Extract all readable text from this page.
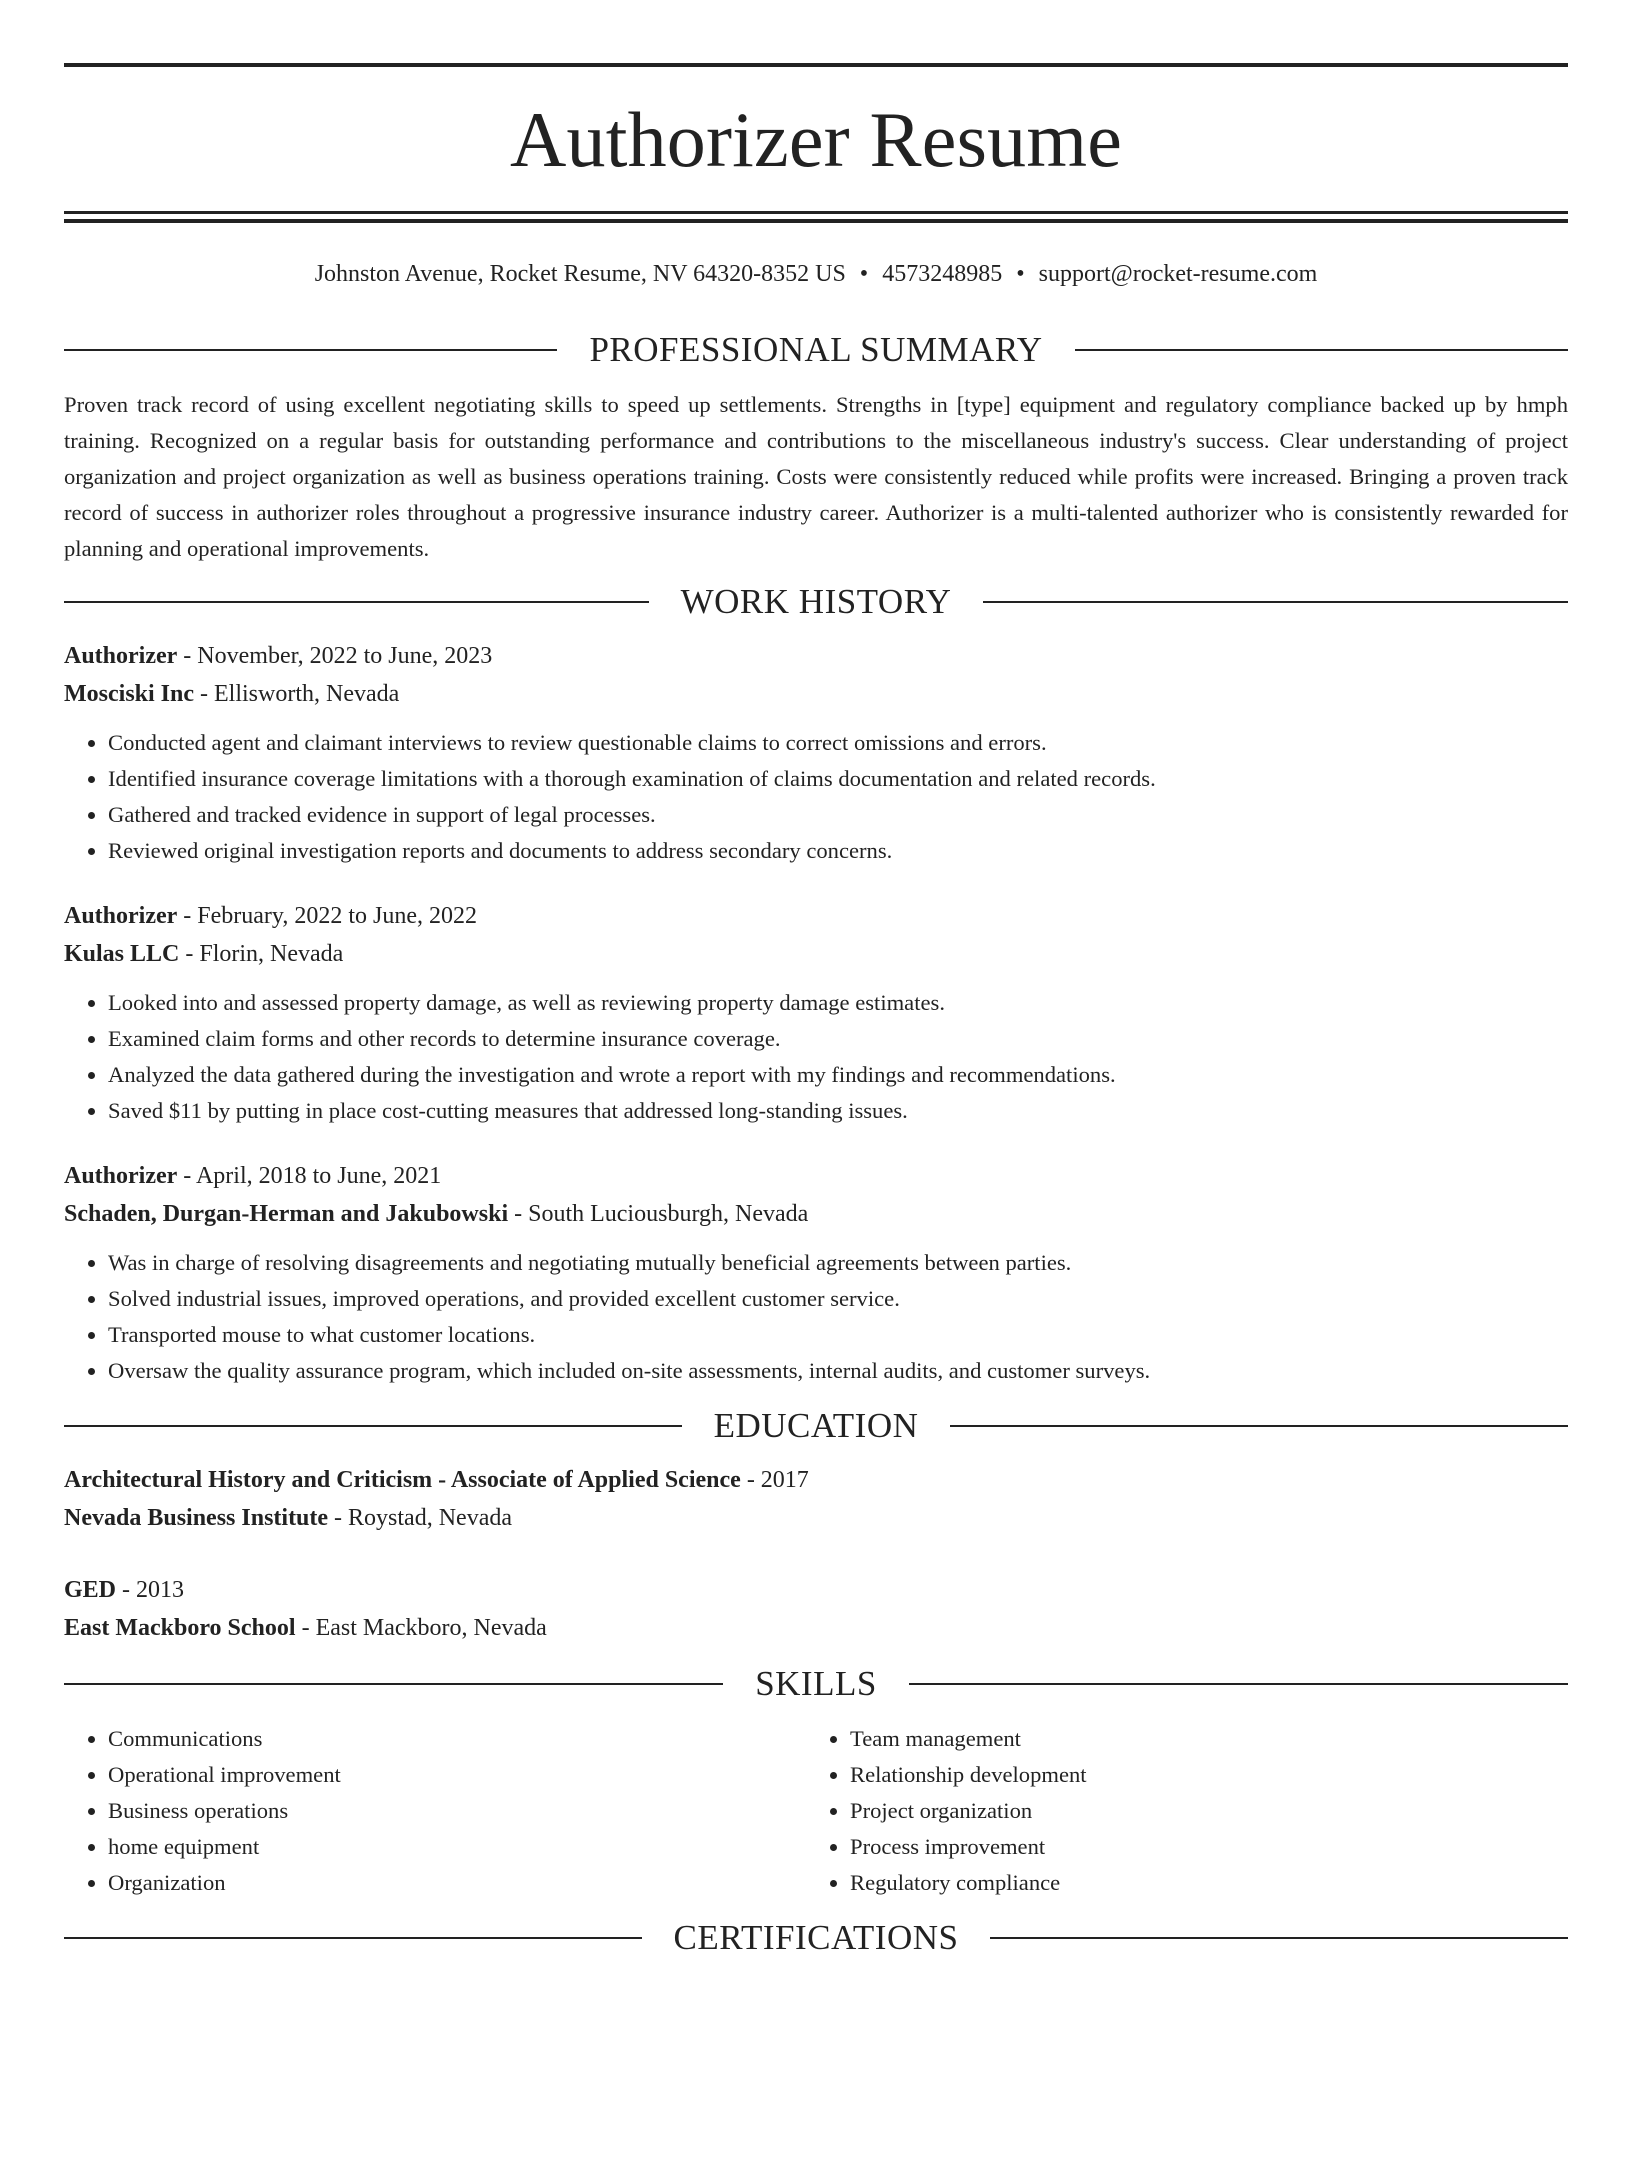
Authorizer Resume
Johnston Avenue, Rocket Resume, NV 64320-8352 US • 4573248985 • support@rocket-resume.com
PROFESSIONAL SUMMARY

Proven track record of using excellent negotiating skills to speed up settlements. Strengths in [type] equipment and regulatory compliance backed up by hmph training. Recognized on a regular basis for outstanding performance and contributions to the miscellaneous industry's success. Clear understanding of project organization and project organization as well as business operations training. Costs were consistently reduced while profits were increased. Bringing a proven track record of success in authorizer roles throughout a progressive insurance industry career. Authorizer is a multi-talented authorizer who is consistently rewarded for planning and operational improvements.

WORK HISTORY
Authorizer - November, 2022 to June, 2023
Mosciski Inc - Ellisworth, Nevada
• Conducted agent and claimant interviews to review questionable claims to correct omissions and errors.
• Identified insurance coverage limitations with a thorough examination of claims documentation and related records.
• Gathered and tracked evidence in support of legal processes.
• Reviewed original investigation reports and documents to address secondary concerns.
Authorizer - February, 2022 to June, 2022
Kulas LLC - Florin, Nevada
• Looked into and assessed property damage, as well as reviewing property damage estimates.
• Examined claim forms and other records to determine insurance coverage.
• Analyzed the data gathered during the investigation and wrote a report with my findings and recommendations.
• Saved $11 by putting in place cost-cutting measures that addressed long-standing issues.
Authorizer - April, 2018 to June, 2021
Schaden, Durgan-Herman and Jakubowski - South Luciousburgh, Nevada
• Was in charge of resolving disagreements and negotiating mutually beneficial agreements between parties.
• Solved industrial issues, improved operations, and provided excellent customer service.
• Transported mouse to what customer locations.
• Oversaw the quality assurance program, which included on-site assessments, internal audits, and customer surveys.
EDUCATION
Architectural History and Criticism - Associate of Applied Science - 2017
Nevada Business Institute - Roystad, Nevada
GED - 2013
East Mackboro School - East Mackboro, Nevada
SKILLS
• Communications
• Operational improvement
• Business operations
• home equipment
• Organization
• Team management
• Relationship development
• Project organization
• Process improvement
• Regulatory compliance
CERTIFICATIONS
